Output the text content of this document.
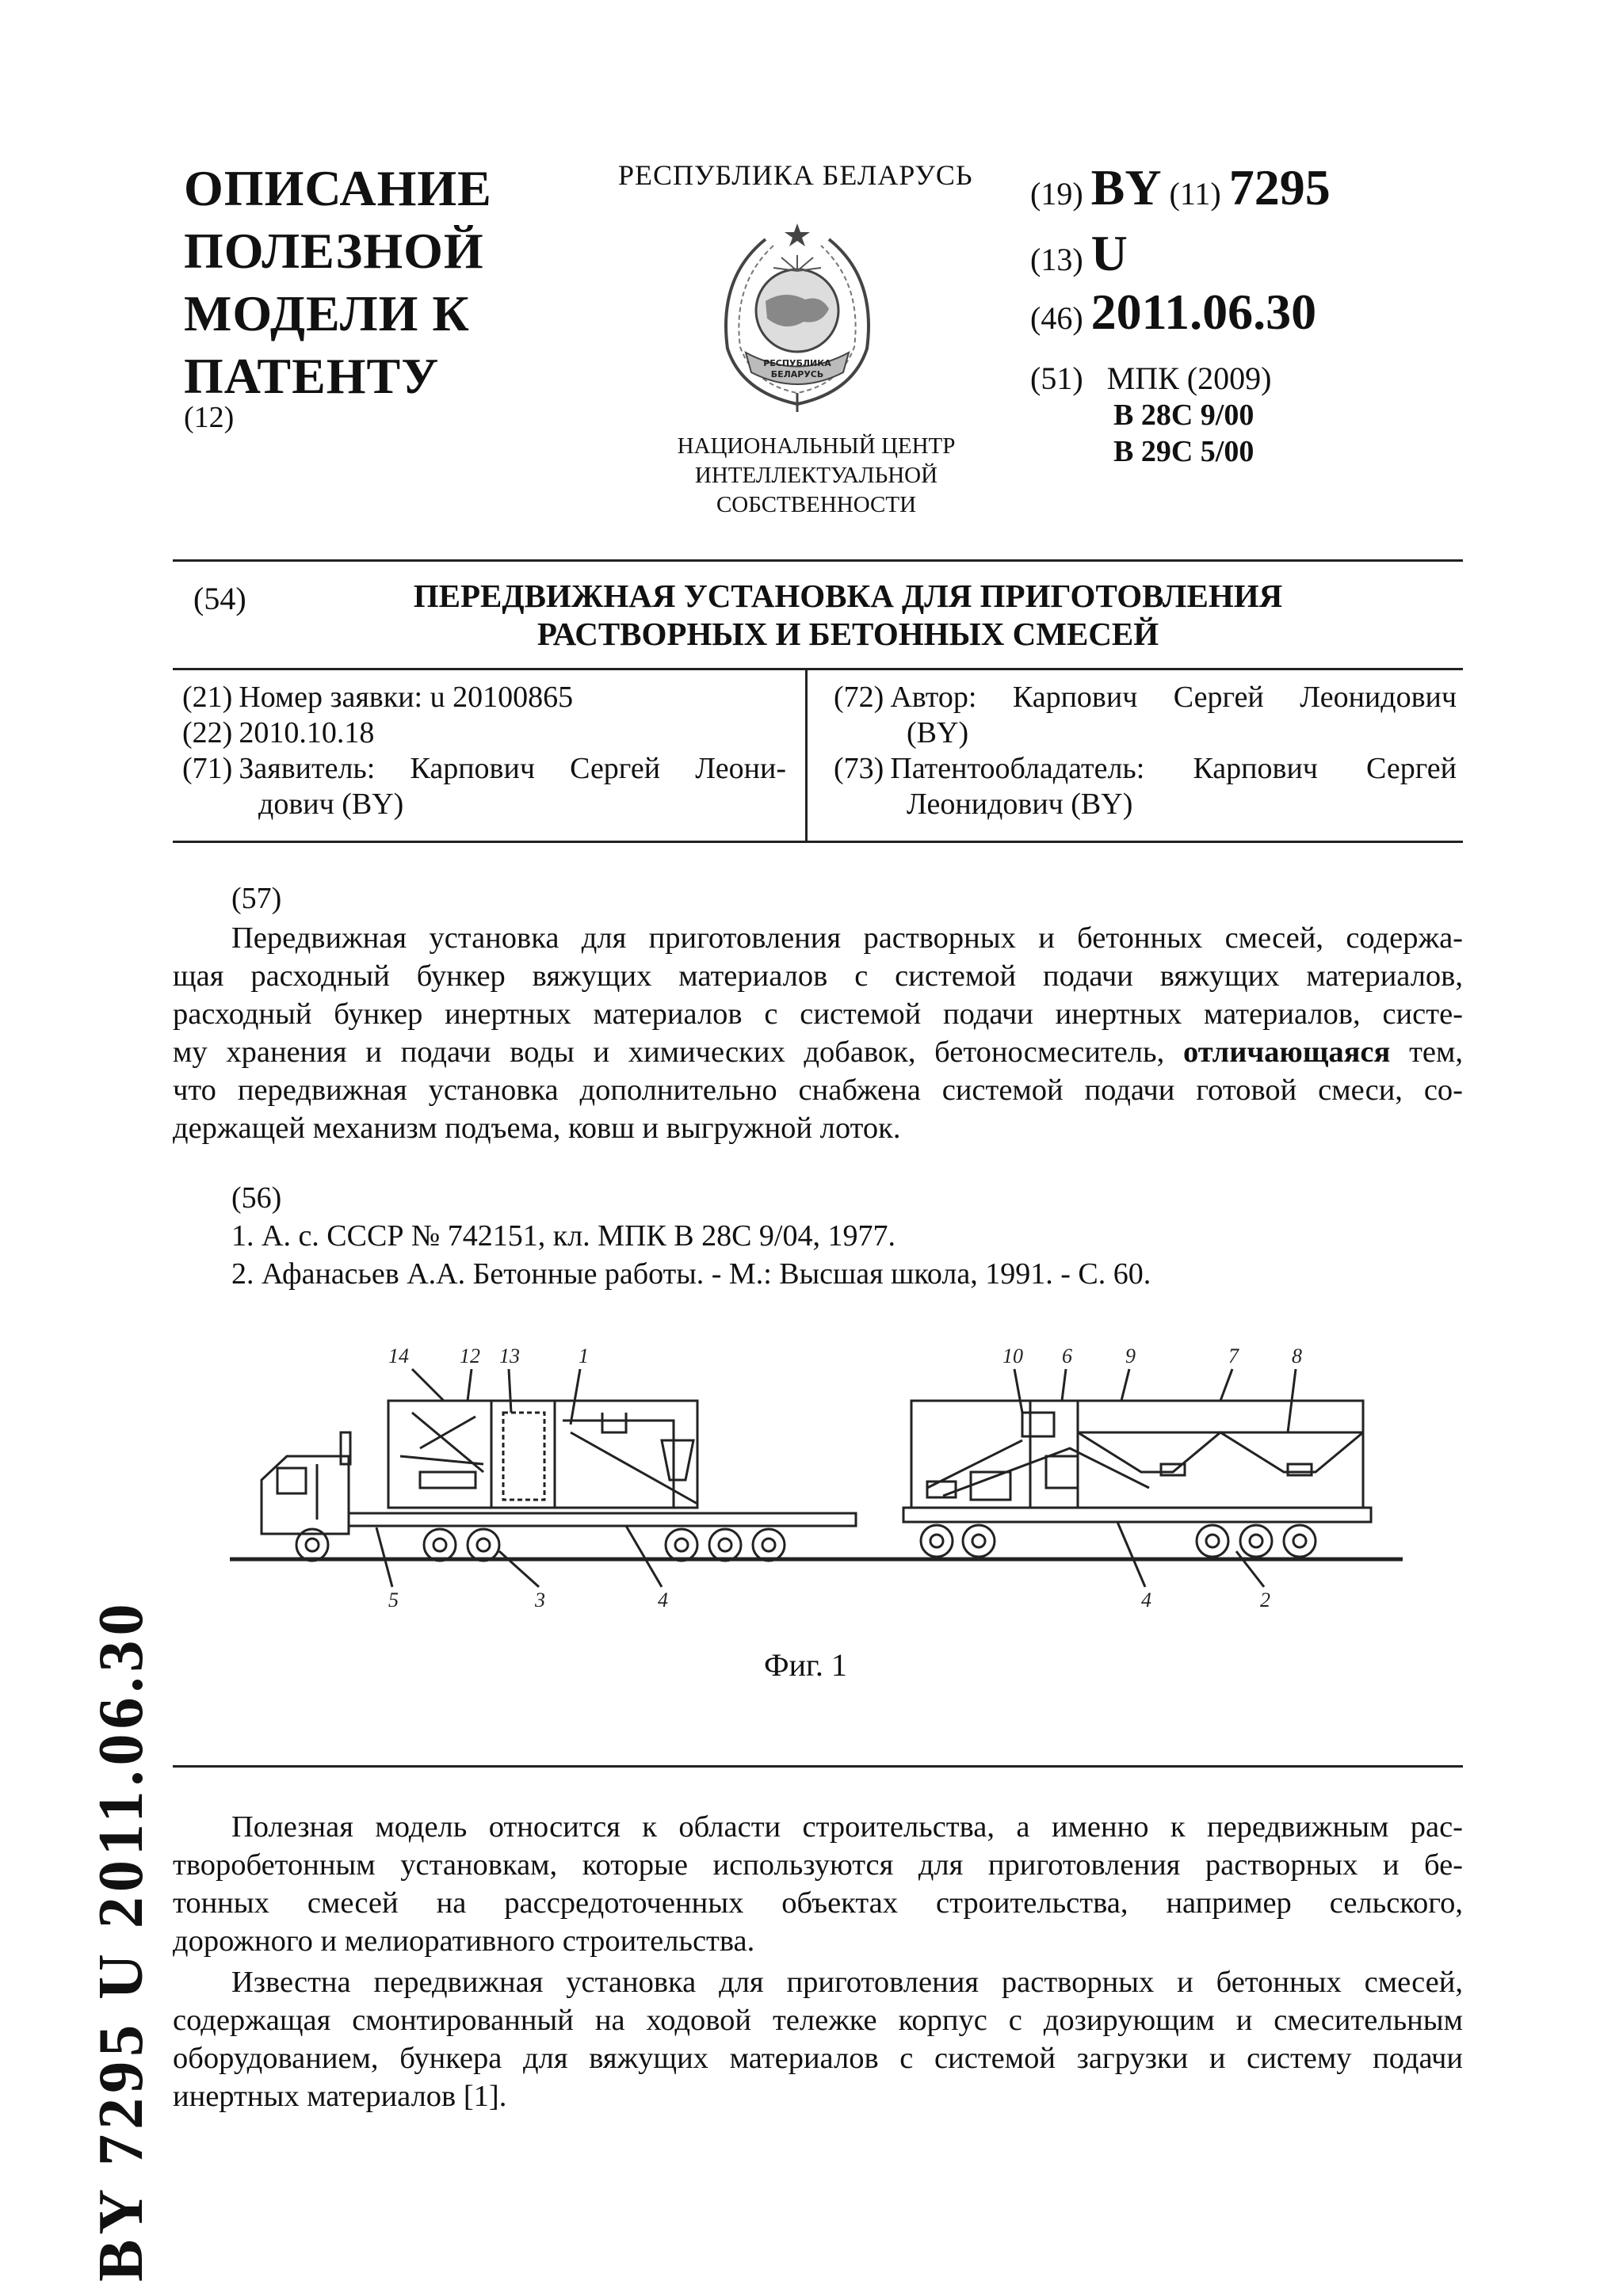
ОПИСАНИЕ
ПОЛЕЗНОЙ
МОДЕЛИ К
ПАТЕНТУ
(12)
РЕСПУБЛИКА БЕЛАРУСЬ
РЕСПУБЛИКА
БЕЛАРУСЬ
НАЦИОНАЛЬНЫЙ ЦЕНТР
ИНТЕЛЛЕКТУАЛЬНОЙ
СОБСТВЕННОСТИ
(19) BY (11) 7295
(13) U
(46) 2011.06.30
(51) МПК (2009)
B 28C 9/00
B 29C 5/00
(54)	ПЕРЕДВИЖНАЯ УСТАНОВКА ДЛЯ ПРИГОТОВЛЕНИЯ
РАСТВОРНЫХ И БЕТОННЫХ СМЕСЕЙ
(21) Номер заявки: u 20100865
(22) 2010.10.18
(71) Заявитель: Карпович Сергей Леони-
дович (BY)
(72) Автор: Карпович Сергей Леонидович
(BY)
(73) Патентообладатель: Карпович Сергей
Леонидович (BY)
(57)
Передвижная установка для приготовления растворных и бетонных смесей, содержа-
щая расходный бункер вяжущих материалов с системой подачи вяжущих материалов,
расходный бункер инертных материалов с системой подачи инертных материалов, систе-
му хранения и подачи воды и химических добавок, бетоносмеситель, отличающаяся тем,
что передвижная установка дополнительно снабжена системой подачи готовой смеси, со-
держащей механизм подъема, ковш и выгружной лоток.
(56)
1. А. с. СССР № 742151, кл. МПК B 28C 9/04, 1977.
2. Афанасьев А.А. Бетонные работы. - М.: Высшая школа, 1991. - С. 60.
14 12 13	1	10 6	9	7	8
5	3	4	4	2
Фиг. 1
Полезная модель относится к области строительства, а именно к передвижным рас-
творобетонным установкам, которые используются для приготовления растворных и бе-
тонных смесей на рассредоточенных объектах строительства, например сельского,
дорожного и мелиоративного строительства.
Известна передвижная установка для приготовления растворных и бетонных смесей,
содержащая смонтированный на ходовой тележке корпус с дозирующим и смесительным
оборудованием, бункера для вяжущих материалов с системой загрузки и систему подачи
инертных материалов [1].
BY 7295 U 2011.06.30
